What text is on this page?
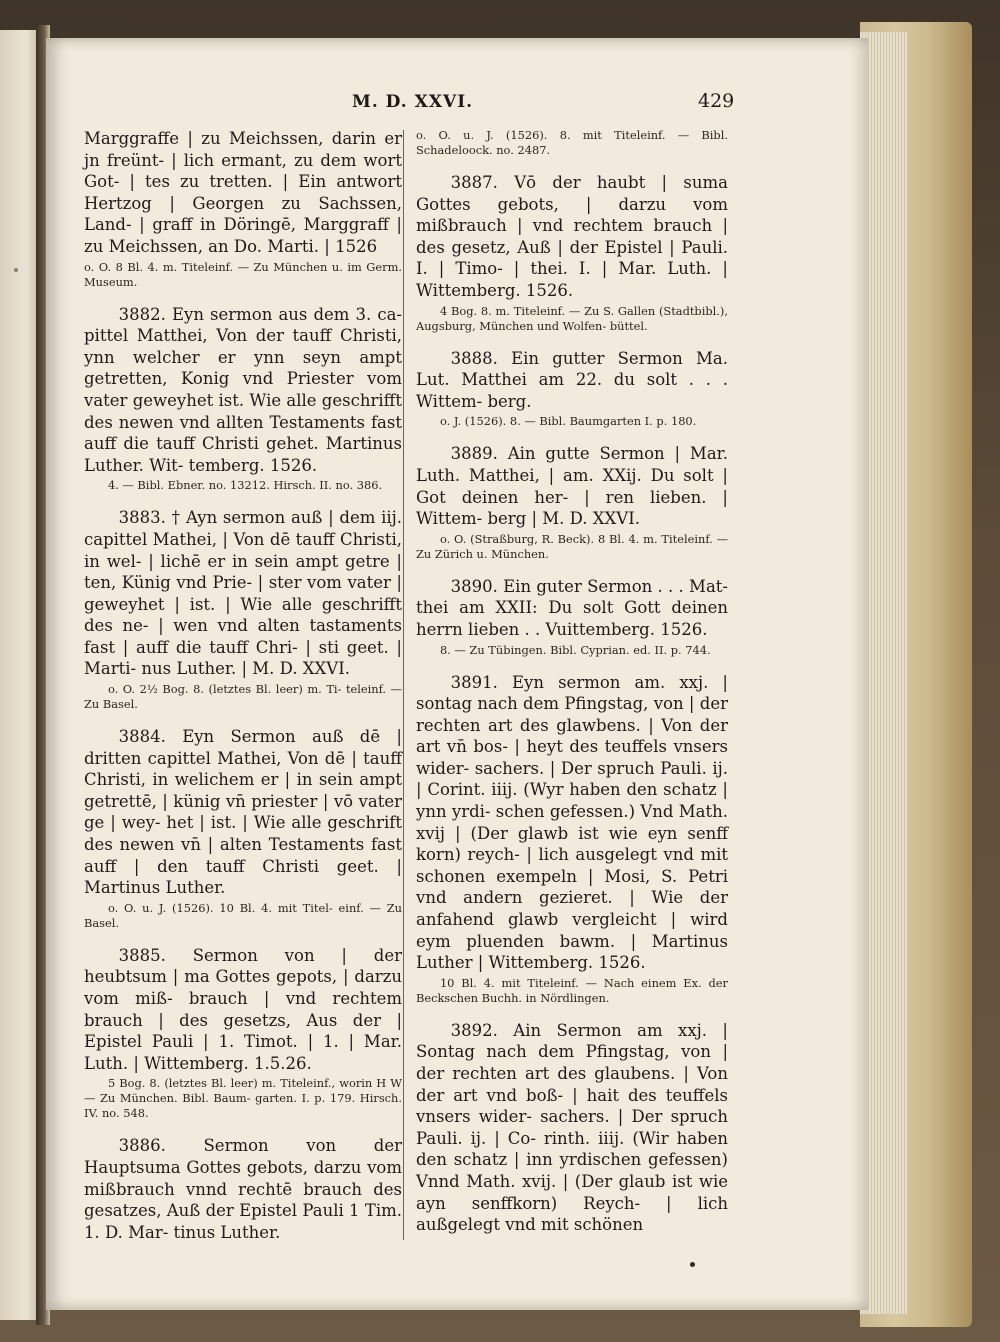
M. D. XXVI.	429

Marggraffe | zu Meichssen, darin er jn freünt- | lich ermant, zu dem wort Got- | tes zu tretten. | Ein antwort Hertzog | Georgen zu Sachssen, Land- | graff in Döringē, Marggraff | zu Meichssen, an Do. Marti. | 1526

o. O. 8 Bl. 4. m. Titeleinf. — Zu München u. im Germ. Museum.

3882. Eyn sermon aus dem 3. ca- pittel Matthei, Von der tauff Christi, ynn welcher er ynn seyn ampt getretten, Konig vnd Priester vom vater geweyhet ist. Wie alle geschrifft des newen vnd allten Testaments fast auff die tauff Christi gehet. Martinus Luther. Wit- temberg. 1526.

4. — Bibl. Ebner. no. 13212. Hirsch. II. no. 386.

3883. † Ayn sermon auß | dem iij. capittel Mathei, | Von dē tauff Christi, in wel- | lichē er in sein ampt getre | ten, Künig vnd Prie- | ster vom vater | geweyhet | ist. | Wie alle geschrifft des ne- | wen vnd alten tastaments fast | auff die tauff Chri- | sti geet. | Marti- nus Luther. | M. D. XXVI.

o. O. 2½ Bog. 8. (letztes Bl. leer) m. Ti- teleinf. — Zu Basel.

3884. Eyn Sermon auß dē | dritten capittel Mathei, Von dē | tauff Christi, in welichem er | in sein ampt getrettē, | künig vn̄ priester | vō vater ge | wey- het | ist. | Wie alle geschrift des newen vn̄ | alten Testaments fast auff | den tauff Christi geet. | Martinus Luther.

o. O. u. J. (1526). 10 Bl. 4. mit Titel- einf. — Zu Basel.

3885. Sermon von | der heubtsum | ma Gottes gepots, | darzu vom miß- brauch | vnd rechtem brauch | des gesetzs, Aus der | Epistel Pauli | 1. Timot. | 1. | Mar. Luth. | Wittemberg. 1.5.26.

5 Bog. 8. (letztes Bl. leer) m. Titeleinf., worin H W — Zu München. Bibl. Baum- garten. I. p. 179. Hirsch. IV. no. 548.

3886. Sermon von der Hauptsuma Gottes gebots, darzu vom mißbrauch vnnd rechtē brauch des gesatzes, Auß der Epistel Pauli 1 Tim. 1. D. Mar- tinus Luther.

o. O. u. J. (1526). 8. mit Titeleinf. — Bibl. Schadeloock. no. 2487.

3887. Vō der haubt | suma Gottes gebots, | darzu vom mißbrauch | vnd rechtem brauch | des gesetz, Auß | der Epistel | Pauli. I. | Timo- | thei. I. | Mar. Luth. | Wittemberg. 1526.

4 Bog. 8. m. Titeleinf. — Zu S. Gallen (Stadtbibl.), Augsburg, München und Wolfen- büttel.

3888. Ein gutter Sermon Ma. Lut. Matthei am 22. du solt . . . Wittem- berg.

o. J. (1526). 8. — Bibl. Baumgarten I. p. 180.

3889. Ain gutte Sermon | Mar. Luth. Matthei, | am. XXij. Du solt | Got deinen her- | ren lieben. | Wittem- berg | M. D. XXVI.

o. O. (Straßburg, R. Beck). 8 Bl. 4. m. Titeleinf. — Zu Zürich u. München.

3890. Ein guter Sermon . . . Mat- thei am XXII: Du solt Gott deinen herrn lieben . . Vuittemberg. 1526.

8. — Zu Tübingen. Bibl. Cyprian. ed. II. p. 744.

3891. Eyn sermon am. xxj. | sontag nach dem Pfingstag, von | der rechten art des glawbens. | Von der art vn̄ bos- | heyt des teuffels vnsers wider- sachers. | Der spruch Pauli. ij. | Corint. iiij. (Wyr haben den schatz | ynn yrdi- schen gefessen.) Vnd Math. xvij | (Der glawb ist wie eyn senff korn) reych- | lich ausgelegt vnd mit schonen exempeln | Mosi, S. Petri vnd andern gezieret. | Wie der anfahend glawb vergleicht | wird eym pluenden bawm. | Martinus Luther | Wittemberg. 1526.

10 Bl. 4. mit Titeleinf. — Nach einem Ex. der Beckschen Buchh. in Nördlingen.

3892. Ain Sermon am xxj. | Sontag nach dem Pfingstag, von | der rechten art des glaubens. | Von der art vnd boß- | hait des teuffels vnsers wider- sachers. | Der spruch Pauli. ij. | Co- rinth. iiij. (Wir haben den schatz | inn yrdischen gefessen) Vnnd Math. xvij. | (Der glaub ist wie ayn senffkorn) Reych- | lich außgelegt vnd mit schönen
